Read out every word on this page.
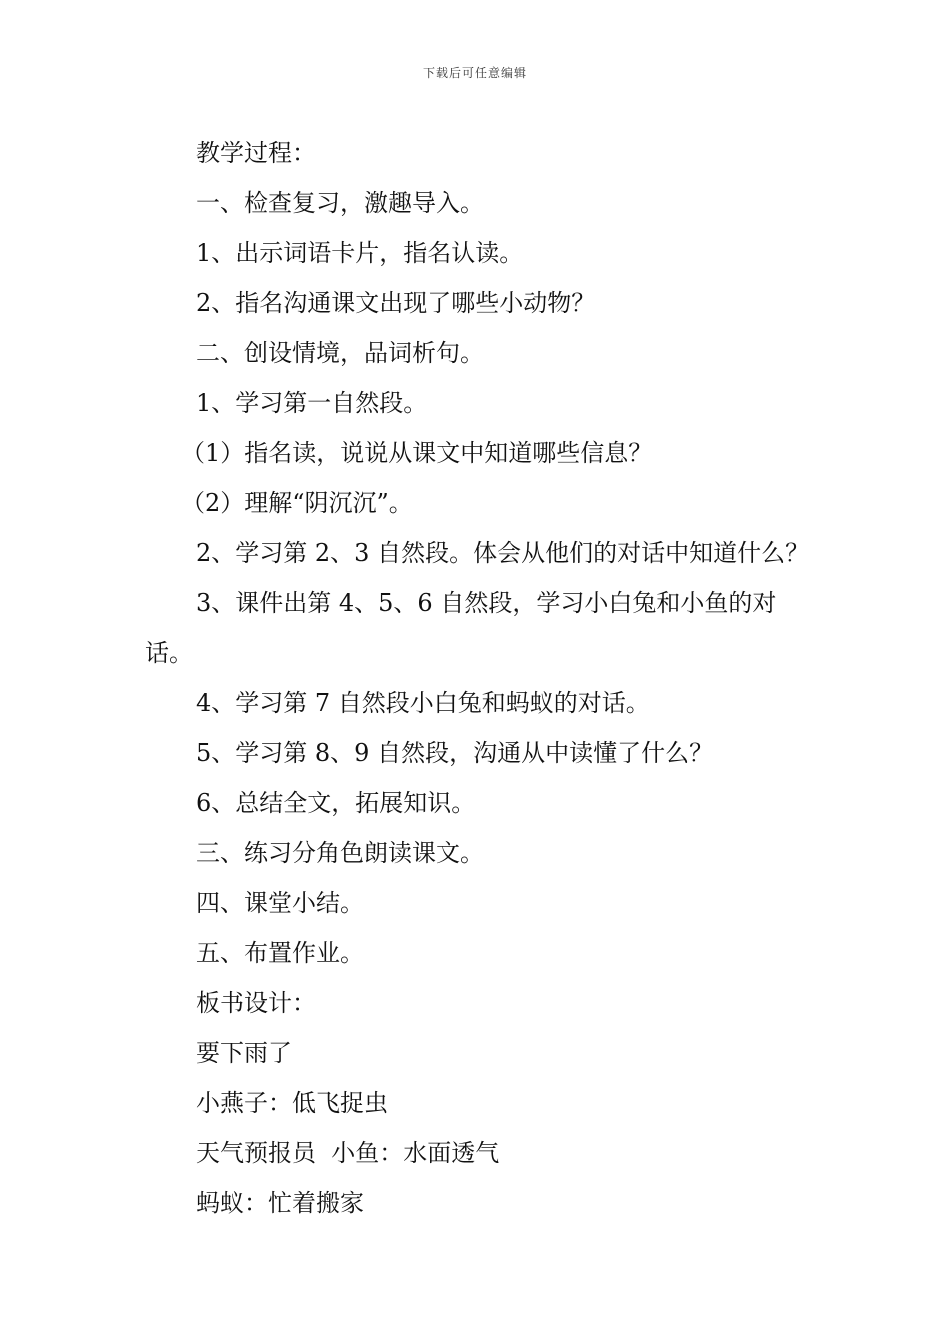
下载后可任意编辑
教学过程：
一、检查复习，激趣导入。
1、出示词语卡片，指名认读。
2、指名沟通课文出现了哪些小动物？
二、创设情境，品词析句。
1、学习第一自然段。
（1）指名读，说说从课文中知道哪些信息？
（2）理解“阴沉沉”。
2、学习第 2、3 自然段。体会从他们的对话中知道什么？
3、课件出第 4、5、6 自然段，学习小白兔和小鱼的对
话。
4、学习第 7 自然段小白兔和蚂蚁的对话。
5、学习第 8、9 自然段，沟通从中读懂了什么？
6、总结全文，拓展知识。
三、练习分角色朗读课文。
四、课堂小结。
五、布置作业。
板书设计：
要下雨了
小燕子：低飞捉虫
天气预报员  小鱼：水面透气
蚂蚁：忙着搬家
